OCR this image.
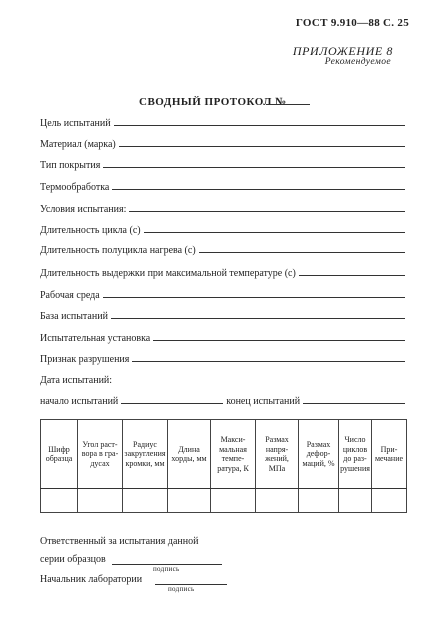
ГОСТ 9.910—88 С. 25
ПРИЛОЖЕНИЕ 8
Рекомендуемое
СВОДНЫЙ ПРОТОКОЛ №
Цель испытаний
Материал (марка)
Тип покрытия
Термообработка
Условия испытания:
Длительность цикла (с)
Длительность полуцикла нагрева (с)
Длительность выдержки при максимальной температуре (с)
Рабочая среда
База испытаний
Испытательная установка
Признак разрушения
Дата испытаний:
начало испытаний	конец испытаний
Шифр образца	Угол раствора в градусах	Радиус закругления кромки, мм	Длина хорды, мм	Максимальная температура, К	Размах напряжений, МПа	Размах деформаций, %	Число циклов до разрушения	Примечание

Ответственный за испытания данной
серии образцов
подпись
Начальник лаборатории
подпись
